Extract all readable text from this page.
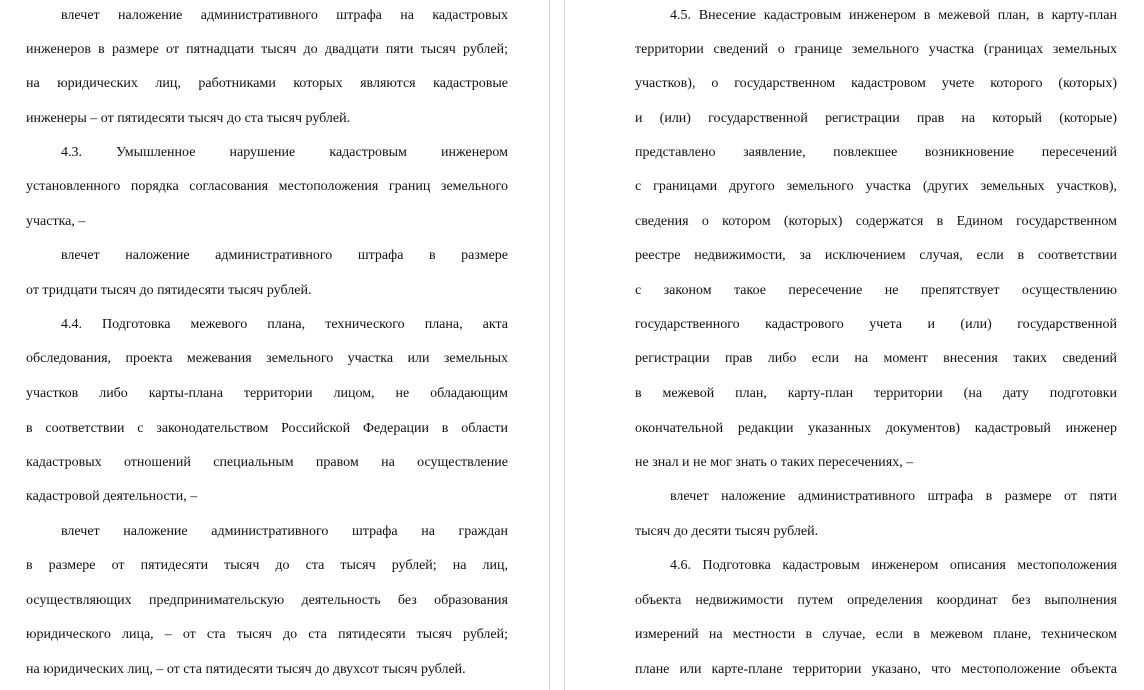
влечет наложение административного штрафа на кадастровых
инженеров в размере от пятнадцати тысяч до двадцати пяти тысяч рублей;
на юридических лиц, работниками которых являются кадастровые
инженеры – от пятидесяти тысяч до ста тысяч рублей.
4.3. Умышленное нарушение кадастровым инженером
установленного порядка согласования местоположения границ земельного
участка, –
влечет наложение административного штрафа в размере
от тридцати тысяч до пятидесяти тысяч рублей.
4.4. Подготовка межевого плана, технического плана, акта
обследования, проекта межевания земельного участка или земельных
участков либо карты-плана территории лицом, не обладающим
в соответствии с законодательством Российской Федерации в области
кадастровых отношений специальным правом на осуществление
кадастровой деятельности, –
влечет наложение административного штрафа на граждан
в размере от пятидесяти тысяч до ста тысяч рублей; на лиц,
осуществляющих предпринимательскую деятельность без образования
юридического лица, – от ста тысяч до ста пятидесяти тысяч рублей;
на юридических лиц, – от ста пятидесяти тысяч до двухсот тысяч рублей.
4.5. Внесение кадастровым инженером в межевой план, в карту-план
территории сведений о границе земельного участка (границах земельных
участков), о государственном кадастровом учете которого (которых)
и (или) государственной регистрации прав на который (которые)
представлено заявление, повлекшее возникновение пересечений
с границами другого земельного участка (других земельных участков),
сведения о котором (которых) содержатся в Едином государственном
реестре недвижимости, за исключением случая, если в соответствии
с законом такое пересечение не препятствует осуществлению
государственного кадастрового учета и (или) государственной
регистрации прав либо если на момент внесения таких сведений
в межевой план, карту-план территории (на дату подготовки
окончательной редакции указанных документов) кадастровый инженер
не знал и не мог знать о таких пересечениях, –
влечет наложение административного штрафа в размере от пяти
тысяч до десяти тысяч рублей.
4.6. Подготовка кадастровым инженером описания местоположения
объекта недвижимости путем определения координат без выполнения
измерений на местности в случае, если в межевом плане, техническом
плане или карте-плане территории указано, что местоположение объекта
